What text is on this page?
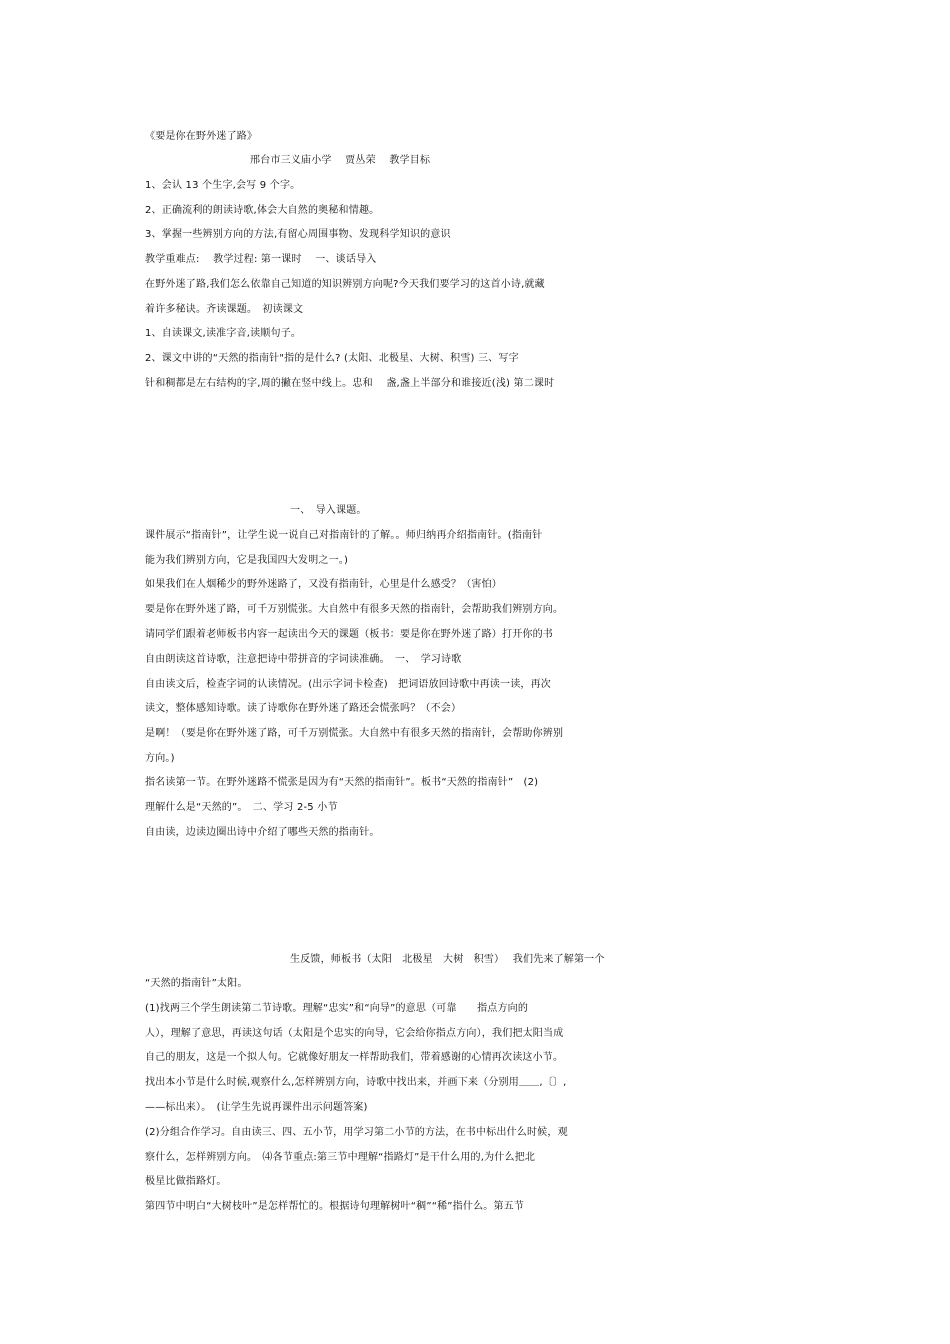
《要是你在野外迷了路》
邢台市三义庙小学　 贾丛荣　 教学目标
1、会认 13 个生字,会写 9 个字。
2、正确流利的朗读诗歌,体会大自然的奥秘和情趣。
3、掌握一些辨别方向的方法,有留心周围事物、发现科学知识的意识
教学重难点:　 教学过程: 第一课时　 一、谈话导入
在野外迷了路,我们怎么依靠自己知道的知识辨别方向呢?今天我们要学习的这首小诗,就藏
着许多秘诀。齐读课题。　初读课文
1、自读课文,读准字音,读顺句子。
2、课文中讲的“天然的指南针"指的是什么? (太阳、北极星、大树、积雪) 三、写字
针和稠都是左右结构的字,周的撇在竖中线上。忠和　 盏,盏上半部分和谁接近(浅) 第二课时
一、　导入课题。
课件展示“指南针”，让学生说一说自己对指南针的了解。。师归纳再介绍指南针。(指南针
能为我们辨别方向，它是我国四大发明之一。)
如果我们在人烟稀少的野外迷路了，又没有指南针，心里是什么感受？（害怕）
要是你在野外迷了路，可千万别慌张。大自然中有很多天然的指南针，会帮助我们辨别方向。
请同学们跟着老师板书内容一起读出今天的课题（板书：要是你在野外迷了路）打开你的书
自由朗读这首诗歌，注意把诗中带拼音的字词读准确。　一、　学习诗歌
自由读文后，检查字词的认读情况。(出示字词卡检查)　把词语放回诗歌中再读一读，再次
读文，整体感知诗歌。读了诗歌你在野外迷了路还会慌张吗？（不会）
是啊！（要是你在野外迷了路，可千万别慌张。大自然中有很多天然的指南针，会帮助你辨别
方向。)
指名读第一节。在野外迷路不慌张是因为有“天然的指南针”。板书“天然的指南针”　(2)
理解什么是“天然的”。　二、学习 2-5 小节
自由读，边读边圈出诗中介绍了哪些天然的指南针。
生反馈，师板书（太阳　北极星　大树　积雪）　 我们先来了解第一个
“天然的指南针”太阳。
(1)找两三个学生朗读第二节诗歌。理解“忠实”和“向导”的意思（可靠　　指点方向的
人），理解了意思，再读这句话（太阳是个忠实的向导，它会给你指点方向），我们把太阳当成
自己的朋友，这是一个拟人句。它就像好朋友一样帮助我们，带着感谢的心情再次读这小节。
找出本小节是什么时候,观察什么,怎样辨别方向，诗歌中找出来，并画下来（分别用＿＿,〔〕,
——标出来）。　(让学生先说再课件出示问题答案)
(2)分组合作学习。自由读三、四、五小节，用学习第二小节的方法，在书中标出什么时候，观
察什么，怎样辨别方向。　⑷各节重点:第三节中理解“指路灯”是干什么用的,为什么把北
极星比做指路灯。
第四节中明白“大树枝叶”是怎样帮忙的。根据诗句理解树叶“稠”“稀”指什么。第五节
